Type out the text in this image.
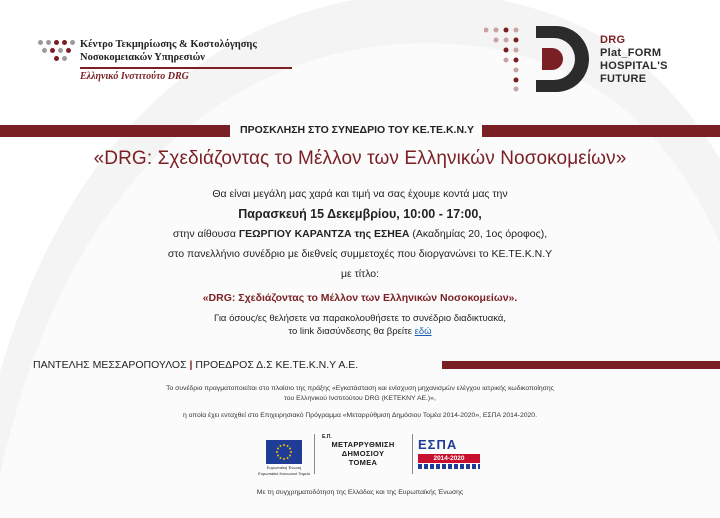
Κέντρο Τεκμηρίωσης & Κοστολόγησης
Νοσοκομειακών Υπηρεσιών
Ελληνικό Ινστιτούτο DRG
DRG
Plat_FORM
HOSPITAL'S
FUTURE
ΠΡΟΣΚΛΗΣΗ ΣΤΟ ΣΥΝΕΔΡΙΟ ΤΟΥ ΚΕ.ΤΕ.Κ.Ν.Υ
«DRG: Σχεδιάζοντας το Μέλλον των Ελληνικών Νοσοκομείων»
Θα είναι μεγάλη μας χαρά και τιμή να σας έχουμε κοντά μας την
Παρασκευή 15 Δεκεμβρίου, 10:00 - 17:00,
στην αίθουσα ΓΕΩΡΓΙΟΥ ΚΑΡΑΝΤΖΑ της ΕΣΗΕΑ (Ακαδημίας 20, 1ος όροφος),
στο πανελλήνιο συνέδριο με διεθνείς συμμετοχές που διοργανώνει το ΚΕ.ΤΕ.Κ.Ν.Υ
με τίτλο:
«DRG: Σχεδιάζοντας το Μέλλον των Ελληνικών Νοσοκομείων».
Για όσους/ες θελήσετε να παρακολουθήσετε το συνέδριο διαδικτυακά,
το link διασύνδεσης θα βρείτε εδώ
ΠΑΝΤΕΛΗΣ ΜΕΣΣΑΡΟΠΟΥΛΟΣ | ΠΡΟΕΔΡΟΣ Δ.Σ ΚΕ.ΤΕ.Κ.Ν.Υ Α.Ε.
Το συνέδριο πραγματοποιείται στο πλαίσιο της πράξης «Εγκατάσταση και ενίσχυση μηχανισμών ελέγχου ιατρικής κωδικοποίησης
του Ελληνικού Ινστιτούτου DRG (ΚΕΤΕΚΝΥ ΑΕ.)»,
η οποία έχει ενταχθεί στο Επιχειρησιακό Πρόγραμμα «Μεταρρύθμιση Δημόσιου Τομέα 2014-2020», ΕΣΠΑ 2014-2020.
Ευρωπαϊκή Ένωση
Ευρωπαϊκό Κοινωνικό Ταμείο
Ε.Π.
ΜΕΤΑΡΡΥΘΜΙΣΗ
ΔΗΜΟΣΙΟΥ
ΤΟΜΕΑ
ΕΣΠΑ
2014-2020
Με τη συγχρηματοδότηση της Ελλάδας και της Ευρωπαϊκής Ένωσης
